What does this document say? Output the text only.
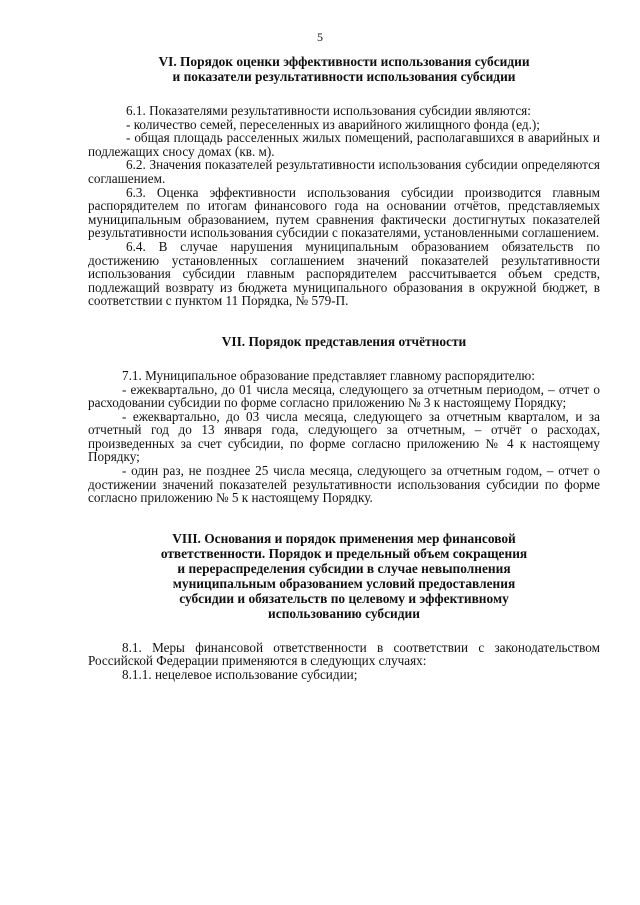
5
VI. Порядок оценки эффективности использования субсидии
и показатели результативности использования субсидии

6.1. Показателями результативности использования субсидии являются:

- количество семей, переселенных из аварийного жилищного фонда (ед.);

- общая площадь расселенных жилых помещений, располагавшихся в аварийных и подлежащих сносу домах (кв. м).

6.2. Значения показателей результативности использования субсидии определяются соглашением.

6.3. Оценка эффективности использования субсидии производится главным распорядителем по итогам финансового года на основании отчётов, представляемых муниципальным образованием, путем сравнения фактически достигнутых показателей результативности использования субсидии с показателями, установленными соглашением.

6.4. В случае нарушения муниципальным образованием обязательств по достижению установленных соглашением значений показателей результативности использования субсидии главным распорядителем рассчитывается объем средств, подлежащий возврату из бюджета муниципального образования в окружной бюджет, в соответствии с пунктом 11 Порядка, № 579-П.

VII. Порядок представления отчётности

7.1. Муниципальное образование представляет главному распорядителю:

- ежеквартально, до 01 числа месяца, следующего за отчетным периодом, – отчет о расходовании субсидии по форме согласно приложению № 3 к настоящему Порядку;

- ежеквартально, до 03 числа месяца, следующего за отчетным кварталом, и за отчетный год до 13 января года, следующего за отчетным, – отчёт о расходах, произведенных за счет субсидии, по форме согласно приложению № 4 к настоящему Порядку;

- один раз, не позднее 25 числа месяца, следующего за отчетным годом, – отчет о достижении значений показателей результативности использования субсидии по форме согласно приложению № 5 к настоящему Порядку.

VIII. Основания и порядок применения мер финансовой
ответственности. Порядок и предельный объем сокращения
и перераспределения субсидии в случае невыполнения
муниципальным образованием условий предоставления
субсидии и обязательств по целевому и эффективному
использованию субсидии

8.1. Меры финансовой ответственности в соответствии с законодательством Российской Федерации применяются в следующих случаях:

8.1.1. нецелевое использование субсидии;
